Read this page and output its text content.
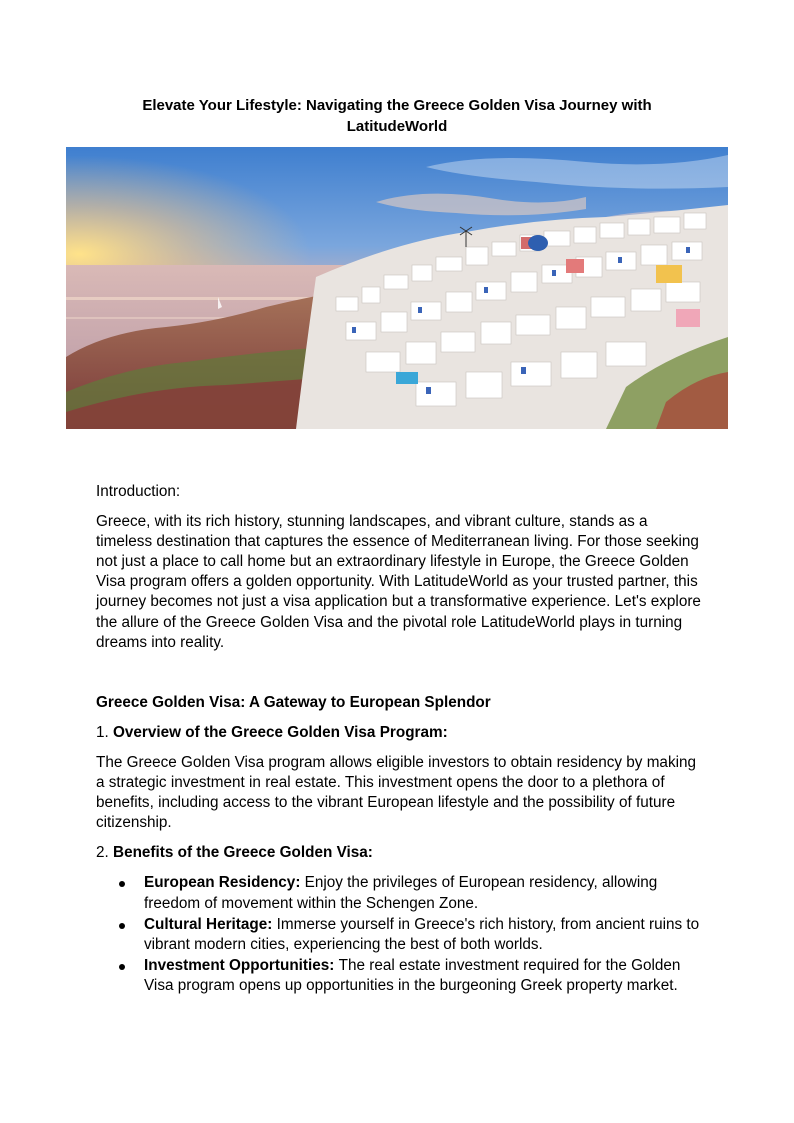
Elevate Your Lifestyle: Navigating the Greece Golden Visa Journey with LatitudeWorld

Introduction:

Greece, with its rich history, stunning landscapes, and vibrant culture, stands as a timeless destination that captures the essence of Mediterranean living. For those seeking not just a place to call home but an extraordinary lifestyle in Europe, the Greece Golden Visa program offers a golden opportunity. With LatitudeWorld as your trusted partner, this journey becomes not just a visa application but a transformative experience. Let's explore the allure of the Greece Golden Visa and the pivotal role LatitudeWorld plays in turning dreams into reality.

Greece Golden Visa: A Gateway to European Splendor

1. Overview of the Greece Golden Visa Program:

The Greece Golden Visa program allows eligible investors to obtain residency by making a strategic investment in real estate. This investment opens the door to a plethora of benefits, including access to the vibrant European lifestyle and the possibility of future citizenship.

2. Benefits of the Greece Golden Visa:

European Residency: Enjoy the privileges of European residency, allowing freedom of movement within the Schengen Zone.
Cultural Heritage: Immerse yourself in Greece's rich history, from ancient ruins to vibrant modern cities, experiencing the best of both worlds.
Investment Opportunities: The real estate investment required for the Golden Visa program opens up opportunities in the burgeoning Greek property market.
